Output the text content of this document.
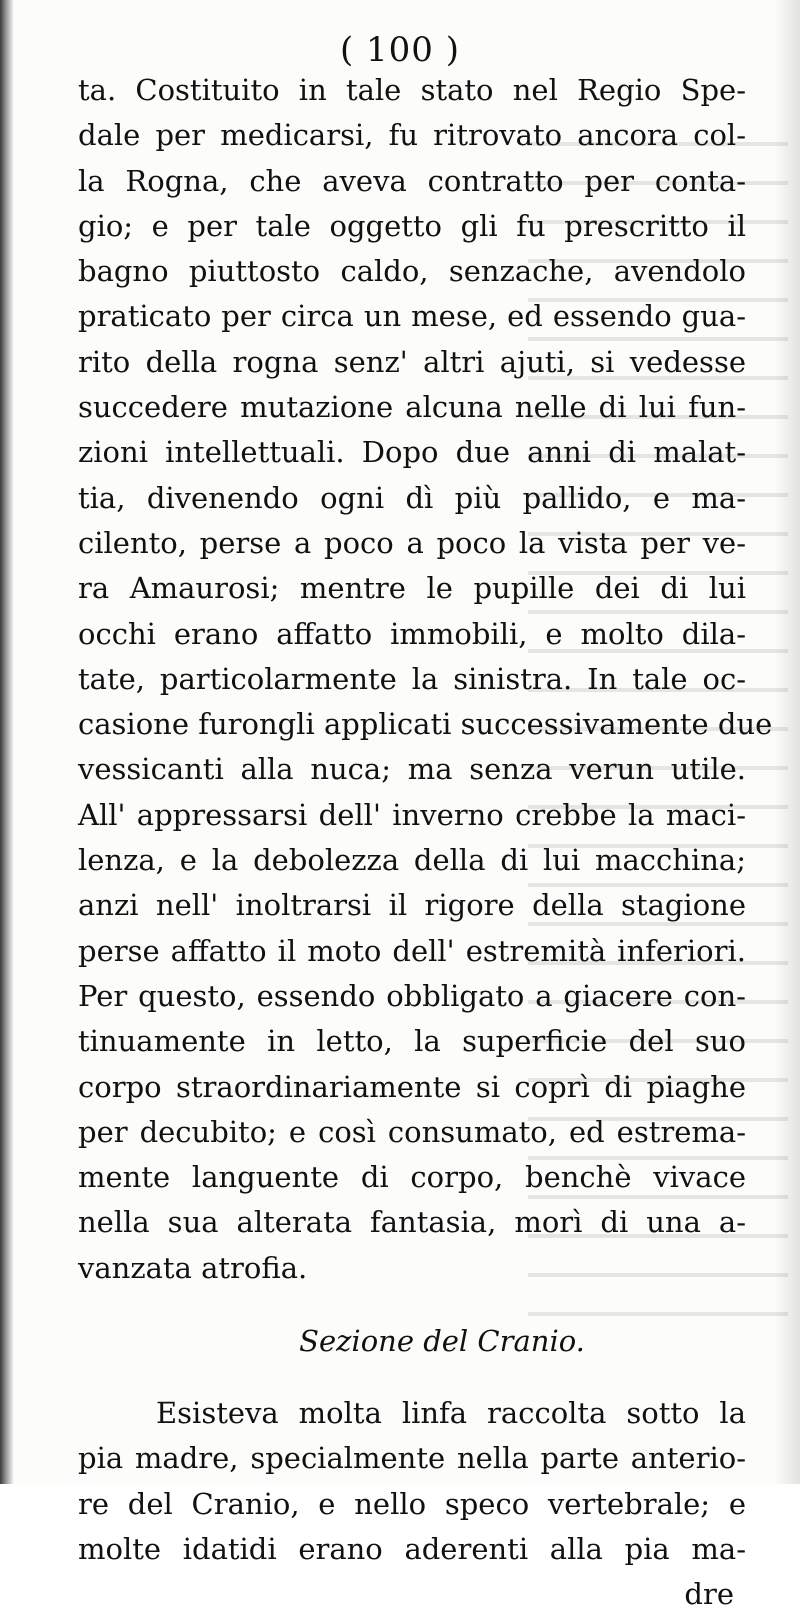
( 100 )
ta. Costituito in tale stato nel Regio Spe-
dale per medicarsi, fu ritrovato ancora col-
la Rogna, che aveva contratto per conta-
gio; e per tale oggetto gli fu prescritto il
bagno piuttosto caldo, senzache, avendolo
praticato per circa un mese, ed essendo gua-
rito della rogna senz' altri ajuti, si vedesse
succedere mutazione alcuna nelle di lui fun-
zioni intellettuali. Dopo due anni di malat-
tia, divenendo ogni dì più pallido, e ma-
cilento, perse a poco a poco la vista per ve-
ra Amaurosi; mentre le pupille dei di lui
occhi erano affatto immobili, e molto dila-
tate, particolarmente la sinistra. In tale oc-
casione furongli applicati successivamente due
vessicanti alla nuca; ma senza verun utile.
All' appressarsi dell' inverno crebbe la maci-
lenza, e la debolezza della di lui macchina;
anzi nell' inoltrarsi il rigore della stagione
perse affatto il moto dell' estremità inferiori.
Per questo, essendo obbligato a giacere con-
tinuamente in letto, la superficie del suo
corpo straordinariamente si coprì di piaghe
per decubito; e così consumato, ed estrema-
mente languente di corpo, benchè vivace
nella sua alterata fantasia, morì di una a-
vanzata atrofia.
Sezione del Cranio.
Esisteva molta linfa raccolta sotto la
pia madre, specialmente nella parte anterio-
re del Cranio, e nello speco vertebrale; e
molte idatidi erano aderenti alla pia ma-
dre
